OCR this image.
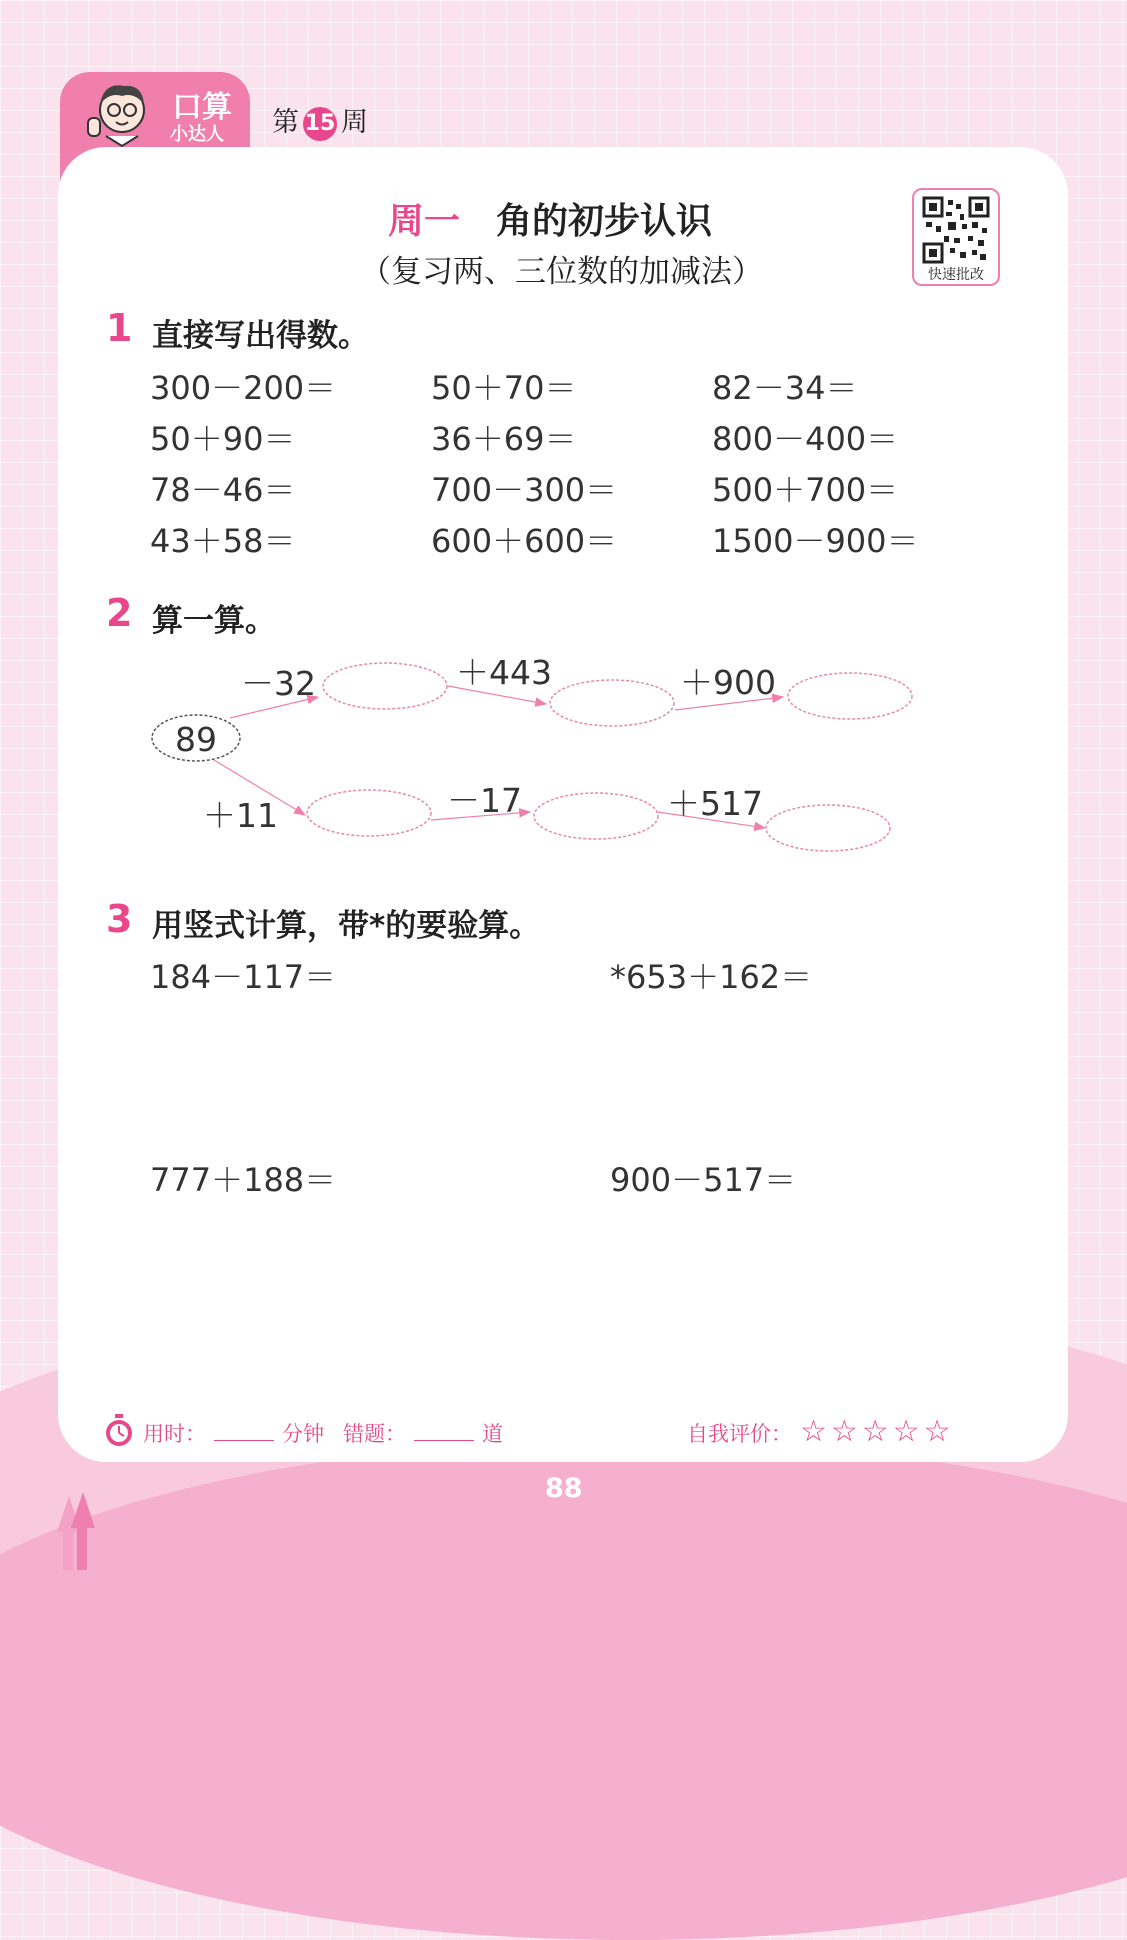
口算
小达人 第 15 周
周一 角的初步认识
（复习两、三位数的加减法）	快速批改
1 直接写出得数。
300－200＝	50＋70＝	82－34＝
50＋90＝	36＋69＝	800－400＝
78－46＝	700－300＝	500＋700＝
43＋58＝	600＋600＝	1500－900＝
2 算一算。
89
－32	＋443	＋900
＋11	－17	＋517
3 用竖式计算，带*的要验算。
184－117＝	*653＋162＝
777＋188＝	900－517＝
用时：	分钟 错题：	道	自我评价： ☆☆☆☆☆
88
